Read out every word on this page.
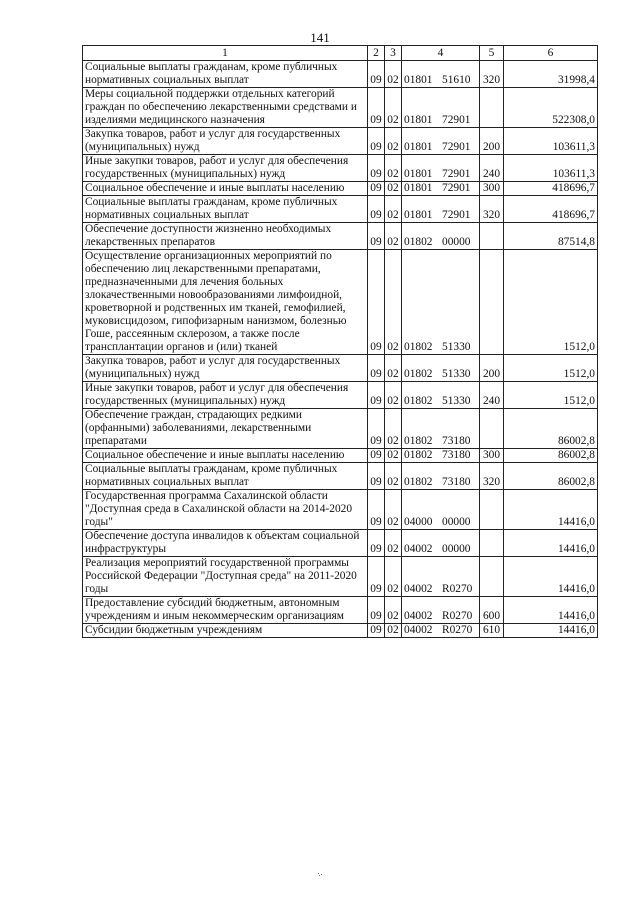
141
1	2	3	4	5	6
Социальные выплаты гражданам, кроме публичных нормативных социальных выплат	09	02	01801 51610	320	31998,4
Меры социальной поддержки отдельных категорий граждан по обеспечению лекарственными средствами и изделиями медицинского назначения	09	02	01801 72901		522308,0
Закупка товаров, работ и услуг для государственных (муниципальных) нужд	09	02	01801 72901	200	103611,3
Иные закупки товаров, работ и услуг для обеспечения государственных (муниципальных) нужд	09	02	01801 72901	240	103611,3
Социальное обеспечение и иные выплаты населению	09	02	01801 72901	300	418696,7
Социальные выплаты гражданам, кроме публичных нормативных социальных выплат	09	02	01801 72901	320	418696,7
Обеспечение доступности жизненно необходимых лекарственных препаратов	09	02	01802 00000		87514,8
Осуществление организационных мероприятий по обеспечению лиц лекарственными препаратами, предназначенными для лечения больных злокачественными новообразованиями лимфоидной, кроветворной и родственных им тканей, гемофилией, муковисцидозом, гипофизарным нанизмом, болезнью Гоше, рассеянным склерозом, а также после трансплантации органов и (или) тканей	09	02	01802 51330		1512,0
Закупка товаров, работ и услуг для государственных (муниципальных) нужд	09	02	01802 51330	200	1512,0
Иные закупки товаров, работ и услуг для обеспечения государственных (муниципальных) нужд	09	02	01802 51330	240	1512,0
Обеспечение граждан, страдающих редкими (орфанными) заболеваниями, лекарственными препаратами	09	02	01802 73180		86002,8
Социальное обеспечение и иные выплаты населению	09	02	01802 73180	300	86002,8
Социальные выплаты гражданам, кроме публичных нормативных социальных выплат	09	02	01802 73180	320	86002,8
Государственная программа Сахалинской области "Доступная среда в Сахалинской области на 2014-2020 годы"	09	02	04000 00000		14416,0
Обеспечение доступа инвалидов к объектам социальной инфраструктуры	09	02	04002 00000		14416,0
Реализация мероприятий государственной программы Российской Федерации "Доступная среда" на 2011-2020 годы	09	02	04002 R0270		14416,0
Предоставление субсидий бюджетным, автономным учреждениям и иным некоммерческим организациям	09	02	04002 R0270	600	14416,0
Субсидии бюджетным учреждениям	09	02	04002 R0270	610	14416,0
